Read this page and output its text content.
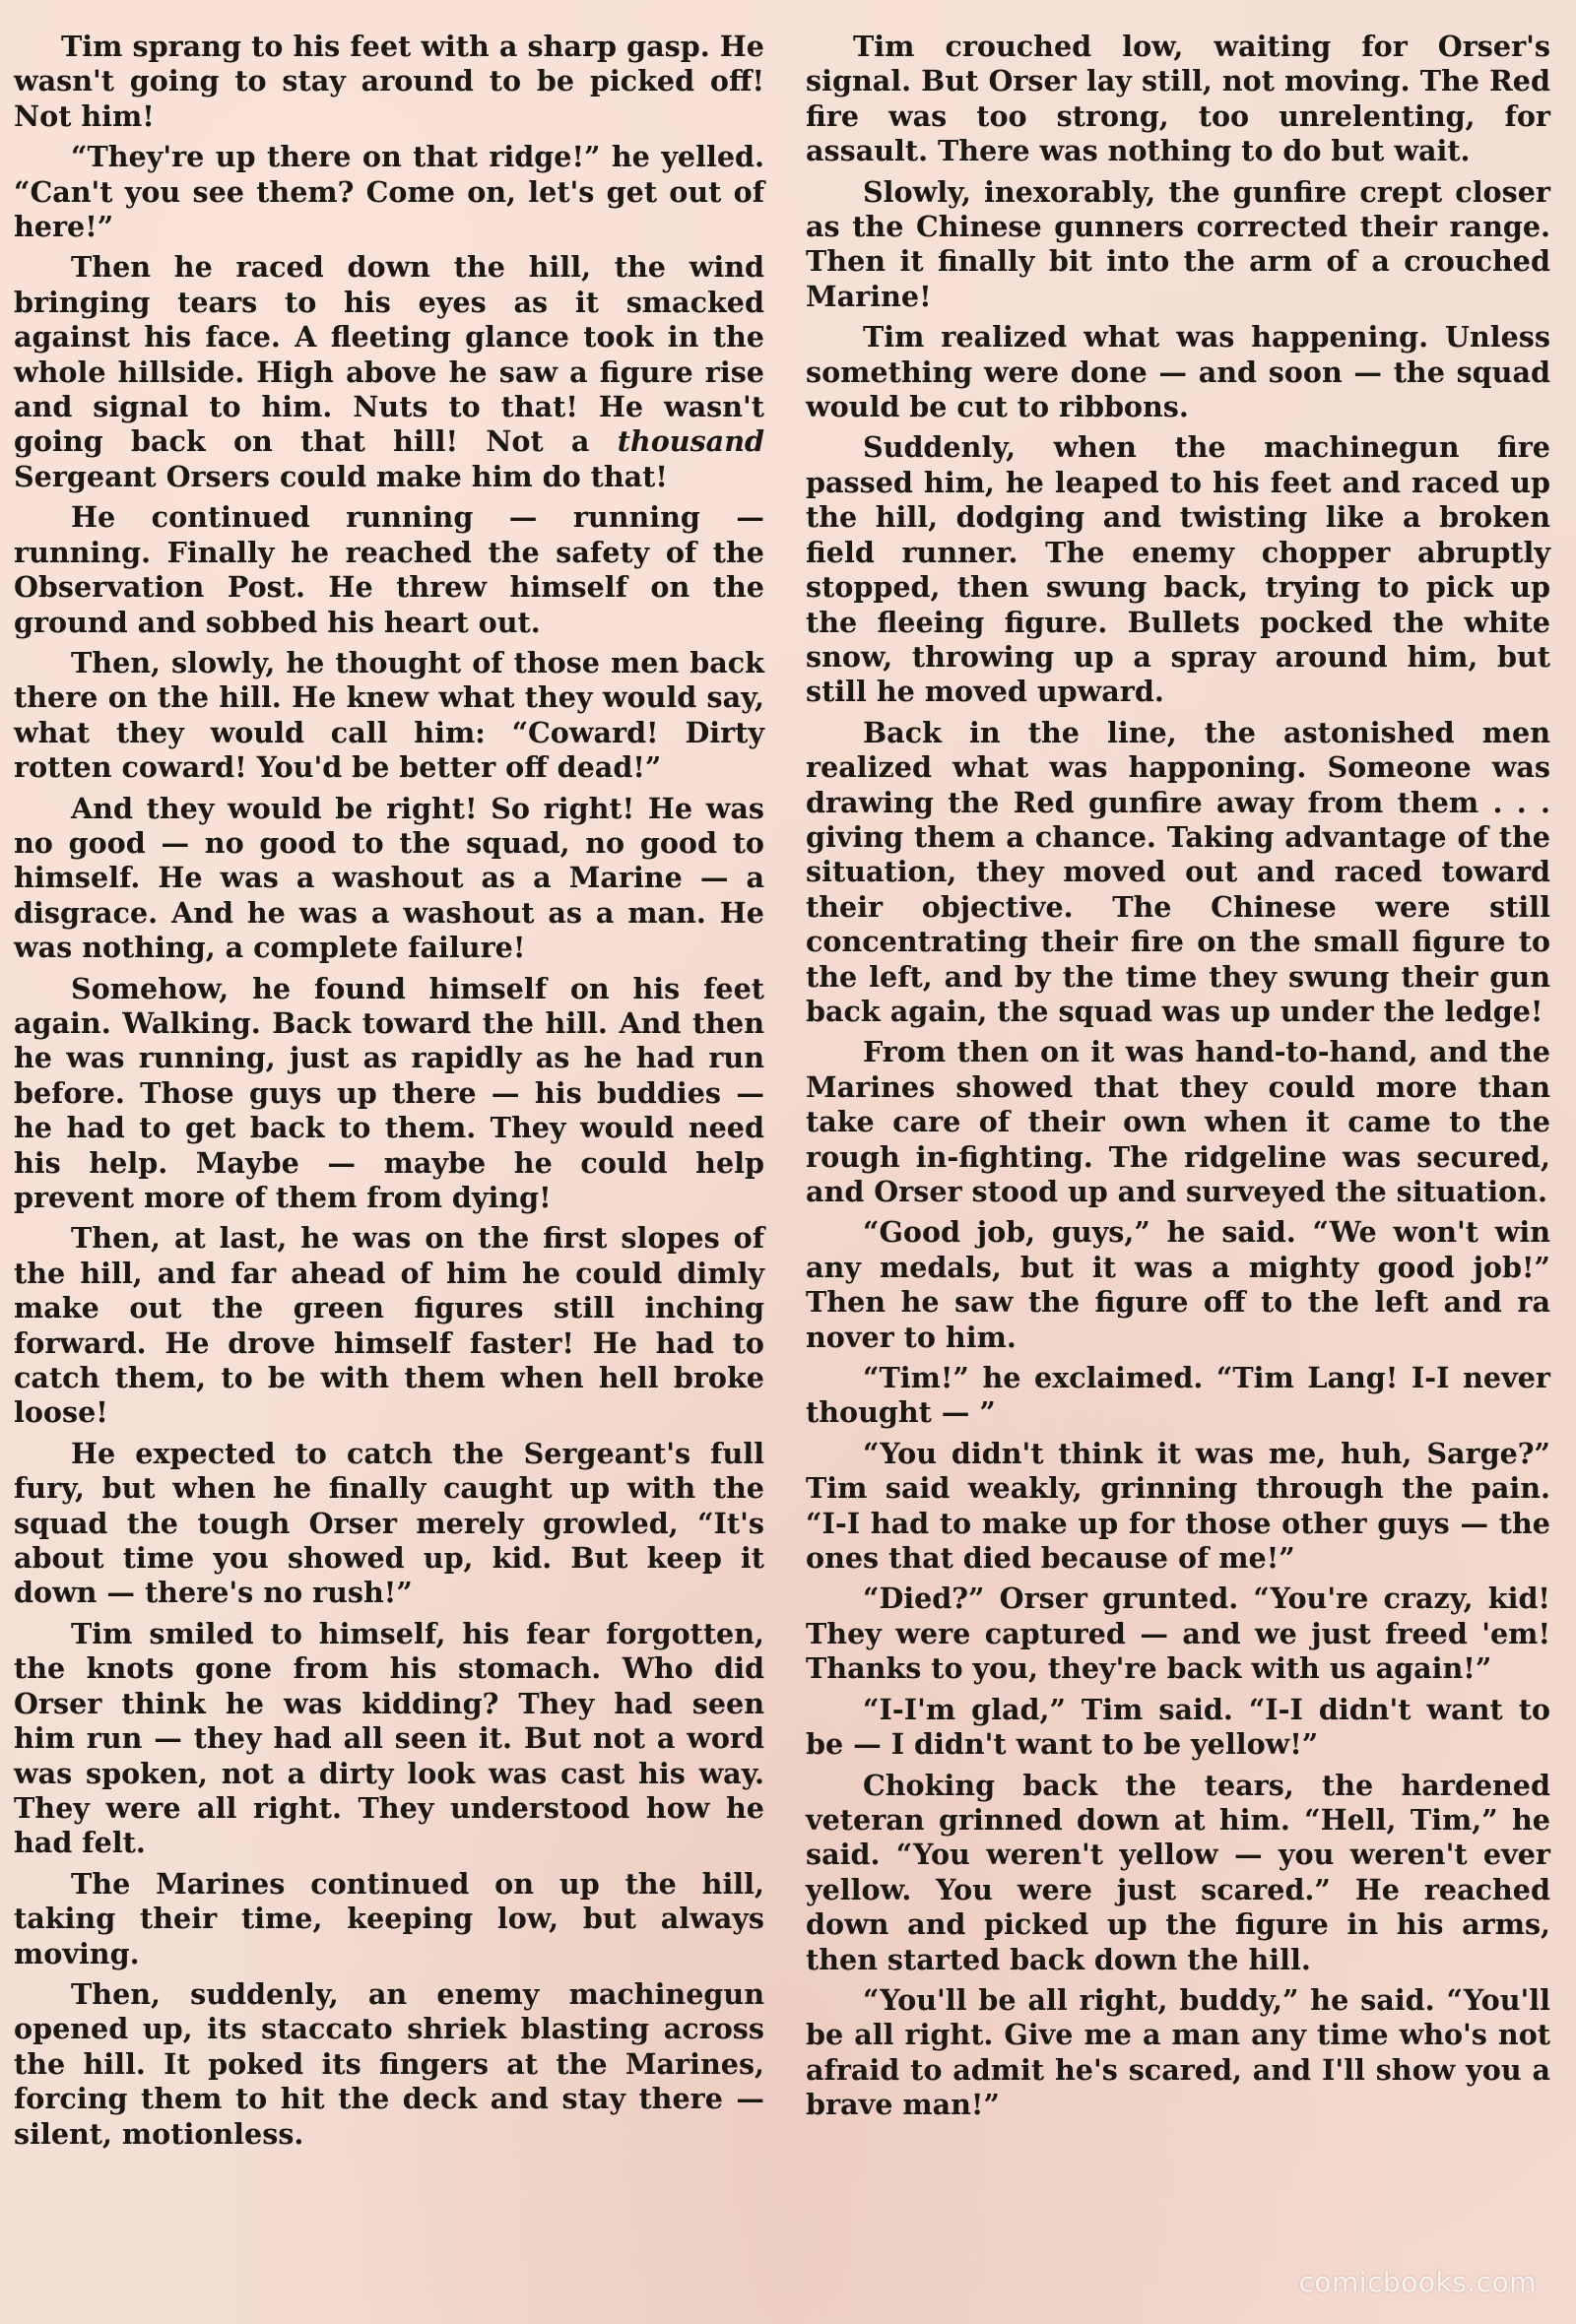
Tim sprang to his feet with a sharp gasp. He wasn't going to stay around to be picked off! Not him!

“They're up there on that ridge!” he yelled. “Can't you see them? Come on, let's get out of here!”

Then he raced down the hill, the wind bringing tears to his eyes as it smacked against his face. A fleeting glance took in the whole hillside. High above he saw a figure rise and signal to him. Nuts to that! He wasn't going back on that hill! Not a thousand Sergeant Orsers could make him do that!

He continued running — running — running. Finally he reached the safety of the Observation Post. He threw himself on the ground and sobbed his heart out.

Then, slowly, he thought of those men back there on the hill. He knew what they would say, what they would call him: “Coward! Dirty rotten coward! You'd be better off dead!”

And they would be right! So right! He was no good — no good to the squad, no good to himself. He was a washout as a Marine — a disgrace. And he was a washout as a man. He was nothing, a complete failure!

Somehow, he found himself on his feet again. Walking. Back toward the hill. And then he was running, just as rapidly as he had run before. Those guys up there — his buddies — he had to get back to them. They would need his help. Maybe — maybe he could help prevent more of them from dying!

Then, at last, he was on the first slopes of the hill, and far ahead of him he could dimly make out the green figures still inching forward. He drove himself faster! He had to catch them, to be with them when hell broke loose!

He expected to catch the Sergeant's full fury, but when he finally caught up with the squad the tough Orser merely growled, “It's about time you showed up, kid. But keep it down — there's no rush!”

Tim smiled to himself, his fear forgotten, the knots gone from his stomach. Who did Orser think he was kidding? They had seen him run — they had all seen it. But not a word was spoken, not a dirty look was cast his way. They were all right. They understood how he had felt.

The Marines continued on up the hill, taking their time, keeping low, but always moving.

Then, suddenly, an enemy machinegun opened up, its staccato shriek blasting across the hill. It poked its fingers at the Marines, forcing them to hit the deck and stay there — silent, motionless.

Tim crouched low, waiting for Orser's signal. But Orser lay still, not moving. The Red fire was too strong, too unrelenting, for assault. There was nothing to do but wait.

Slowly, inexorably, the gunfire crept closer as the Chinese gunners corrected their range. Then it finally bit into the arm of a crouched Marine!

Tim realized what was happening. Unless something were done — and soon — the squad would be cut to ribbons.

Suddenly, when the machinegun fire passed him, he leaped to his feet and raced up the hill, dodging and twisting like a broken field runner. The enemy chopper abruptly stopped, then swung back, trying to pick up the fleeing figure. Bullets pocked the white snow, throwing up a spray around him, but still he moved upward.

Back in the line, the astonished men realized what was happoning. Someone was drawing the Red gunfire away from them . . . giving them a chance. Taking advantage of the situation, they moved out and raced toward their objective. The Chinese were still concentrating their fire on the small figure to the left, and by the time they swung their gun back again, the squad was up under the ledge!

From then on it was hand-to-hand, and the Marines showed that they could more than take care of their own when it came to the rough in-fighting. The ridgeline was secured, and Orser stood up and surveyed the situation.

“Good job, guys,” he said. “We won't win any medals, but it was a mighty good job!” Then he saw the figure off to the left and ra nover to him.

“Tim!” he exclaimed. “Tim Lang! I-I never thought — ”

“You didn't think it was me, huh, Sarge?” Tim said weakly, grinning through the pain. “I-I had to make up for those other guys — the ones that died because of me!”

“Died?” Orser grunted. “You're crazy, kid! They were captured — and we just freed 'em! Thanks to you, they're back with us again!”

“I-I'm glad,” Tim said. “I-I didn't want to be — I didn't want to be yellow!”

Choking back the tears, the hardened veteran grinned down at him. “Hell, Tim,” he said. “You weren't yellow — you weren't ever yellow. You were just scared.” He reached down and picked up the figure in his arms, then started back down the hill.

“You'll be all right, buddy,” he said. “You'll be all right. Give me a man any time who's not afraid to admit he's scared, and I'll show you a brave man!”

comicbooks.com
